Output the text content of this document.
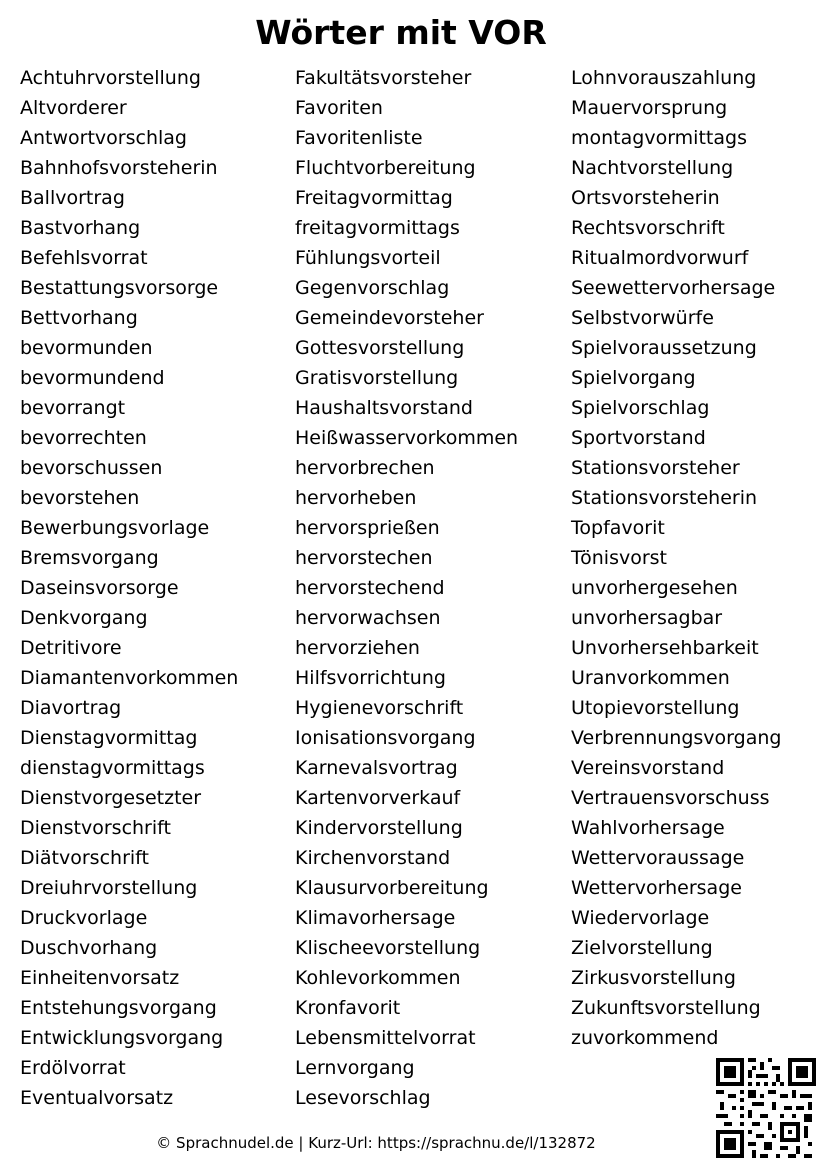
Wörter mit VOR
Achtuhrvorstellung
Altvorderer
Antwortvorschlag
Bahnhofsvorsteherin
Ballvortrag
Bastvorhang
Befehlsvorrat
Bestattungsvorsorge
Bettvorhang
bevormunden
bevormundend
bevorrangt
bevorrechten
bevorschussen
bevorstehen
Bewerbungsvorlage
Bremsvorgang
Daseinsvorsorge
Denkvorgang
Detritivore
Diamantenvorkommen
Diavortrag
Dienstagvormittag
dienstagvormittags
Dienstvorgesetzter
Dienstvorschrift
Diätvorschrift
Dreiuhrvorstellung
Druckvorlage
Duschvorhang
Einheitenvorsatz
Entstehungsvorgang
Entwicklungsvorgang
Erdölvorrat
Eventualvorsatz
Fakultätsvorsteher
Favoriten
Favoritenliste
Fluchtvorbereitung
Freitagvormittag
freitagvormittags
Fühlungsvorteil
Gegenvorschlag
Gemeindevorsteher
Gottesvorstellung
Gratisvorstellung
Haushaltsvorstand
Heißwasservorkommen
hervorbrechen
hervorheben
hervorsprießen
hervorstechen
hervorstechend
hervorwachsen
hervorziehen
Hilfsvorrichtung
Hygienevorschrift
Ionisationsvorgang
Karnevalsvortrag
Kartenvorverkauf
Kindervorstellung
Kirchenvorstand
Klausurvorbereitung
Klimavorhersage
Klischeevorstellung
Kohlevorkommen
Kronfavorit
Lebensmittelvorrat
Lernvorgang
Lesevorschlag
Lohnvorauszahlung
Mauervorsprung
montagvormittags
Nachtvorstellung
Ortsvorsteherin
Rechtsvorschrift
Ritualmordvorwurf
Seewettervorhersage
Selbstvorwürfe
Spielvoraussetzung
Spielvorgang
Spielvorschlag
Sportvorstand
Stationsvorsteher
Stationsvorsteherin
Topfavorit
Tönisvorst
unvorhergesehen
unvorhersagbar
Unvorhersehbarkeit
Uranvorkommen
Utopievorstellung
Verbrennungsvorgang
Vereinsvorstand
Vertrauensvorschuss
Wahlvorhersage
Wettervoraussage
Wettervorhersage
Wiedervorlage
Zielvorstellung
Zirkusvorstellung
Zukunftsvorstellung
zuvorkommend
© Sprachnudel.de | Kurz-Url: https://sprachnu.de/l/132872
